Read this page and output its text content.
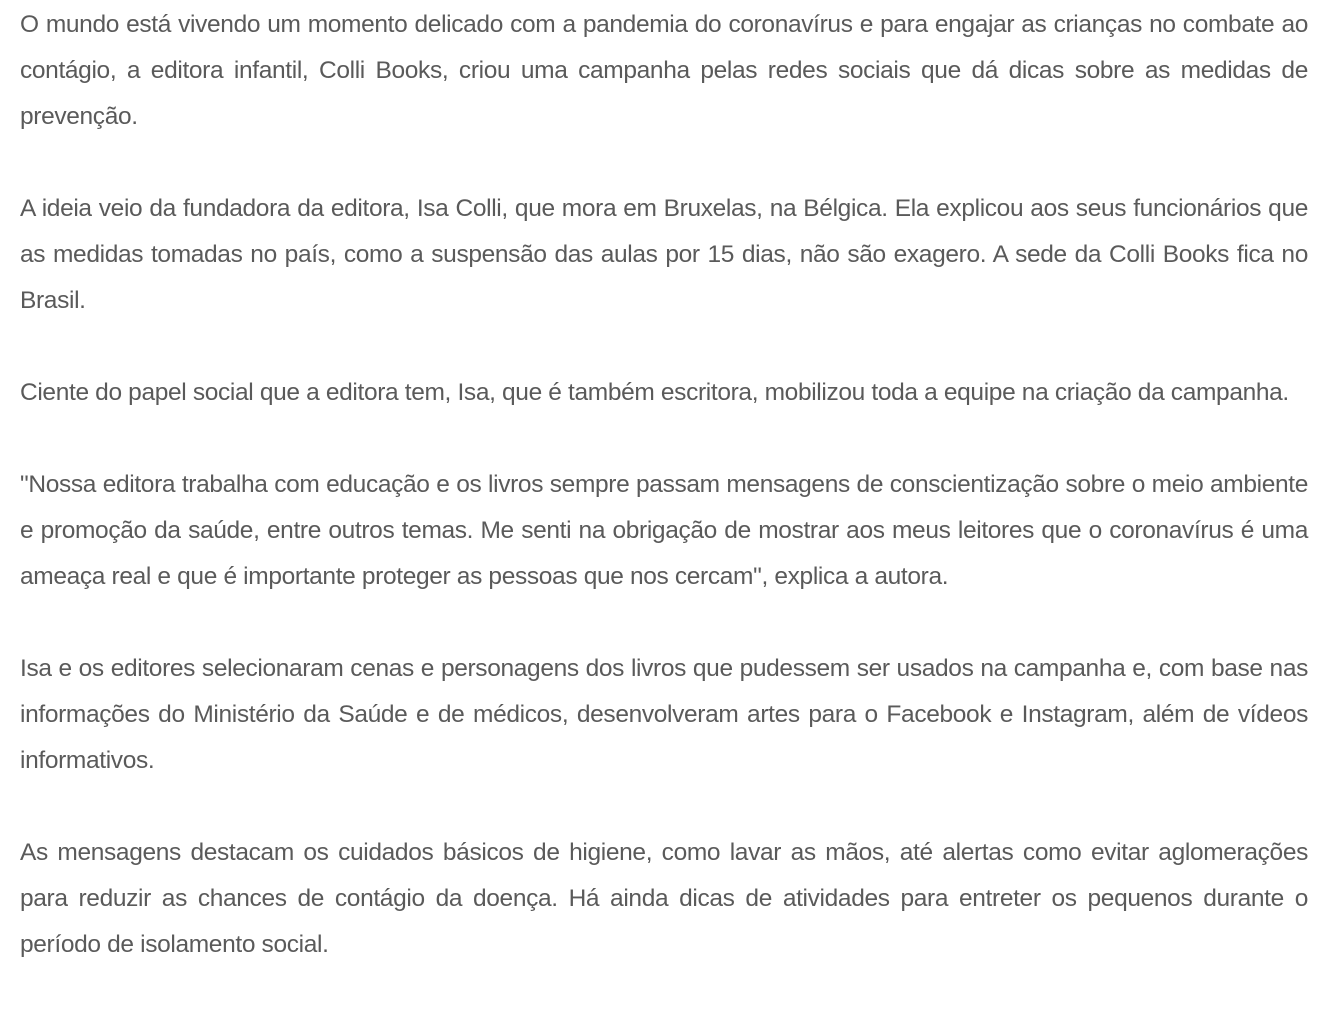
O mundo está vivendo um momento delicado com a pandemia do coronavírus e para engajar as crianças no combate ao contágio, a editora infantil, Colli Books, criou uma campanha pelas redes sociais que dá dicas sobre as medidas de prevenção.

A ideia veio da fundadora da editora, Isa Colli, que mora em Bruxelas, na Bélgica. Ela explicou aos seus funcionários que as medidas tomadas no país, como a suspensão das aulas por 15 dias, não são exagero. A sede da Colli Books fica no Brasil.

Ciente do papel social que a editora tem, Isa, que é também escritora, mobilizou toda a equipe na criação da campanha.

"Nossa editora trabalha com educação e os livros sempre passam mensagens de conscientização sobre o meio ambiente e promoção da saúde, entre outros temas. Me senti na obrigação de mostrar aos meus leitores que o coronavírus é uma ameaça real e que é importante proteger as pessoas que nos cercam", explica a autora.

Isa e os editores selecionaram cenas e personagens dos livros que pudessem ser usados na campanha e, com base nas informações do Ministério da Saúde e de médicos, desenvolveram artes para o Facebook e Instagram, além de vídeos informativos.

As mensagens destacam os cuidados básicos de higiene, como lavar as mãos, até alertas como evitar aglomerações para reduzir as chances de contágio da doença. Há ainda dicas de atividades para entreter os pequenos durante o período de isolamento social.
